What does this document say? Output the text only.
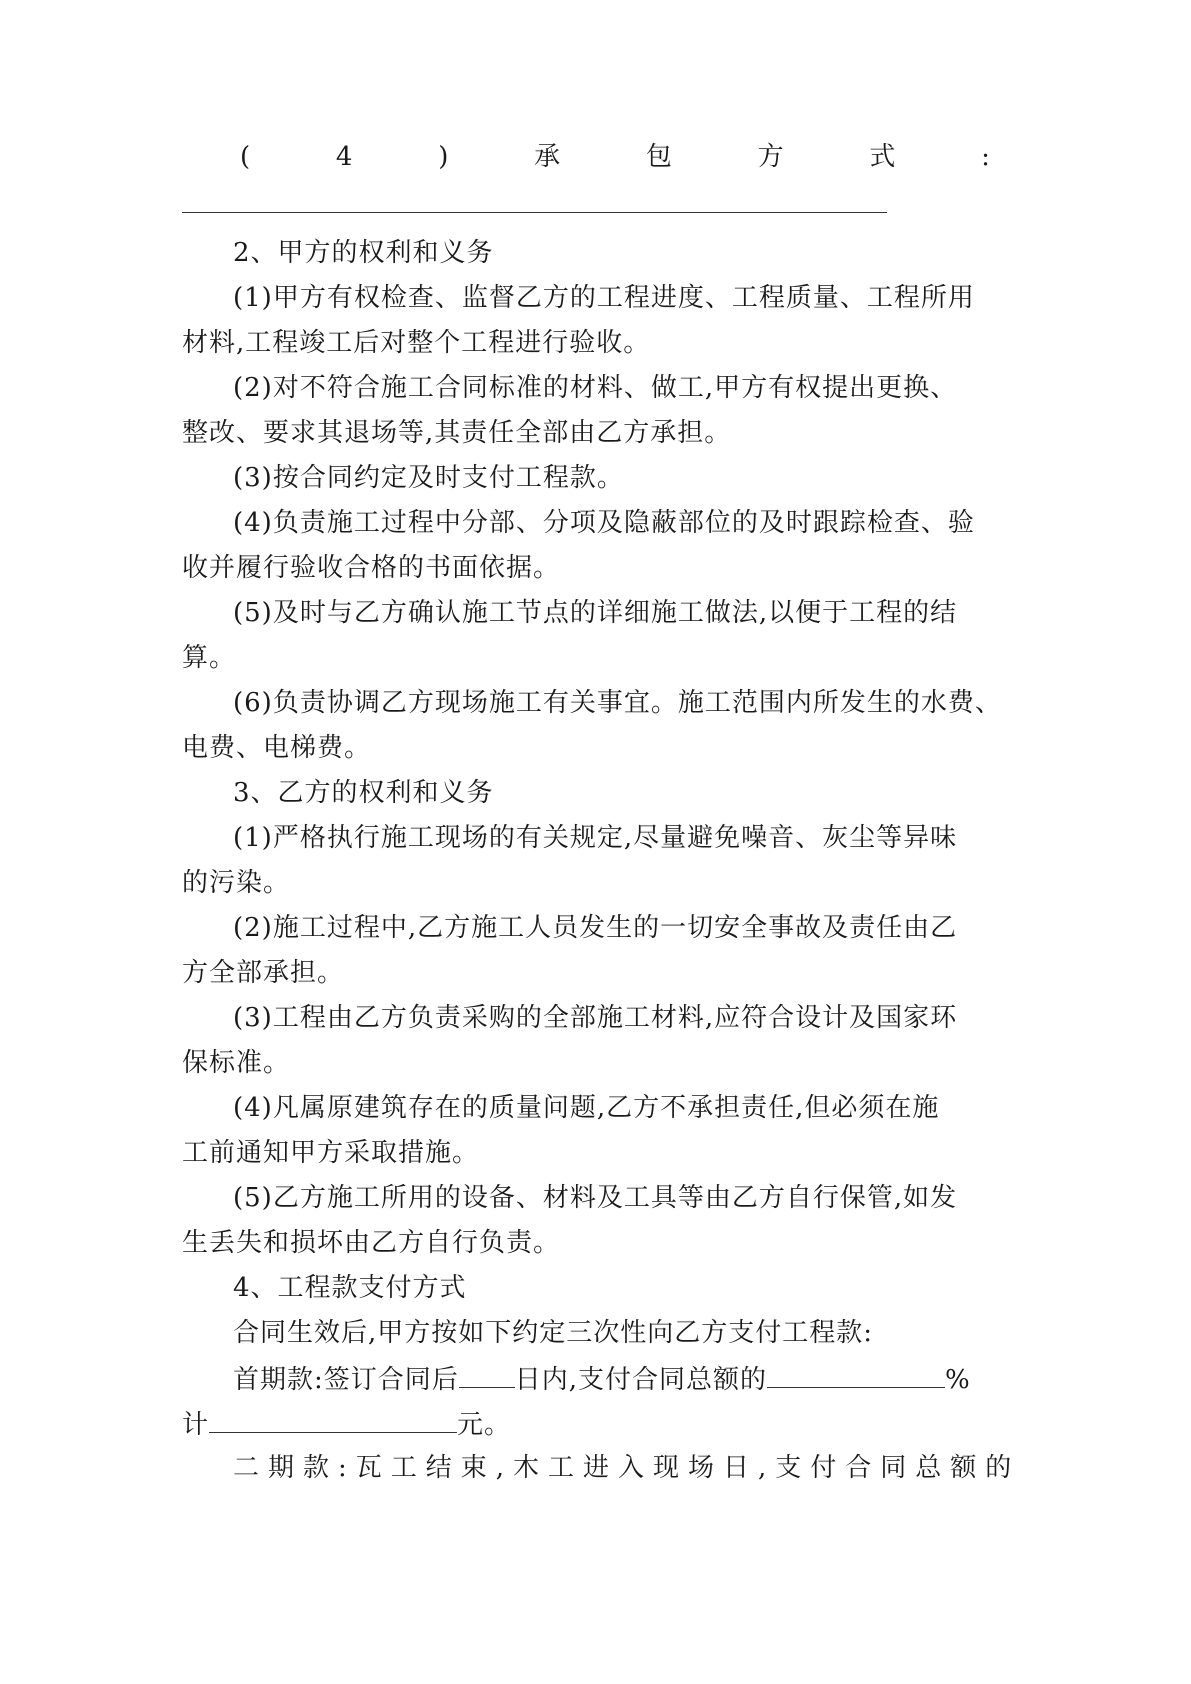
(	4	)	承	包	方	式	:
2、甲方的权利和义务
(1)甲方有权检查、监督乙方的工程进度、工程质量、工程所用
材料,工程竣工后对整个工程进行验收。
(2)对不符合施工合同标准的材料、做工,甲方有权提出更换、
整改、要求其退场等,其责任全部由乙方承担。
(3)按合同约定及时支付工程款。
(4)负责施工过程中分部、分项及隐蔽部位的及时跟踪检查、验
收并履行验收合格的书面依据。
(5)及时与乙方确认施工节点的详细施工做法,以便于工程的结
算。
(6)负责协调乙方现场施工有关事宜。施工范围内所发生的水费、
电费、电梯费。
3、乙方的权利和义务
(1)严格执行施工现场的有关规定,尽量避免噪音、灰尘等异味
的污染。
(2)施工过程中,乙方施工人员发生的一切安全事故及责任由乙
方全部承担。
(3)工程由乙方负责采购的全部施工材料,应符合设计及国家环
保标准。
(4)凡属原建筑存在的质量问题,乙方不承担责任,但必须在施
工前通知甲方采取措施。
(5)乙方施工所用的设备、材料及工具等由乙方自行保管,如发
生丢失和损坏由乙方自行负责。
4、工程款支付方式
合同生效后,甲方按如下约定三次性向乙方支付工程款:
首期款:签订合同后 日内,支付合同总额的	%
计	元。
二期款:瓦工结束,木工进入现场日,支付合同总额的
